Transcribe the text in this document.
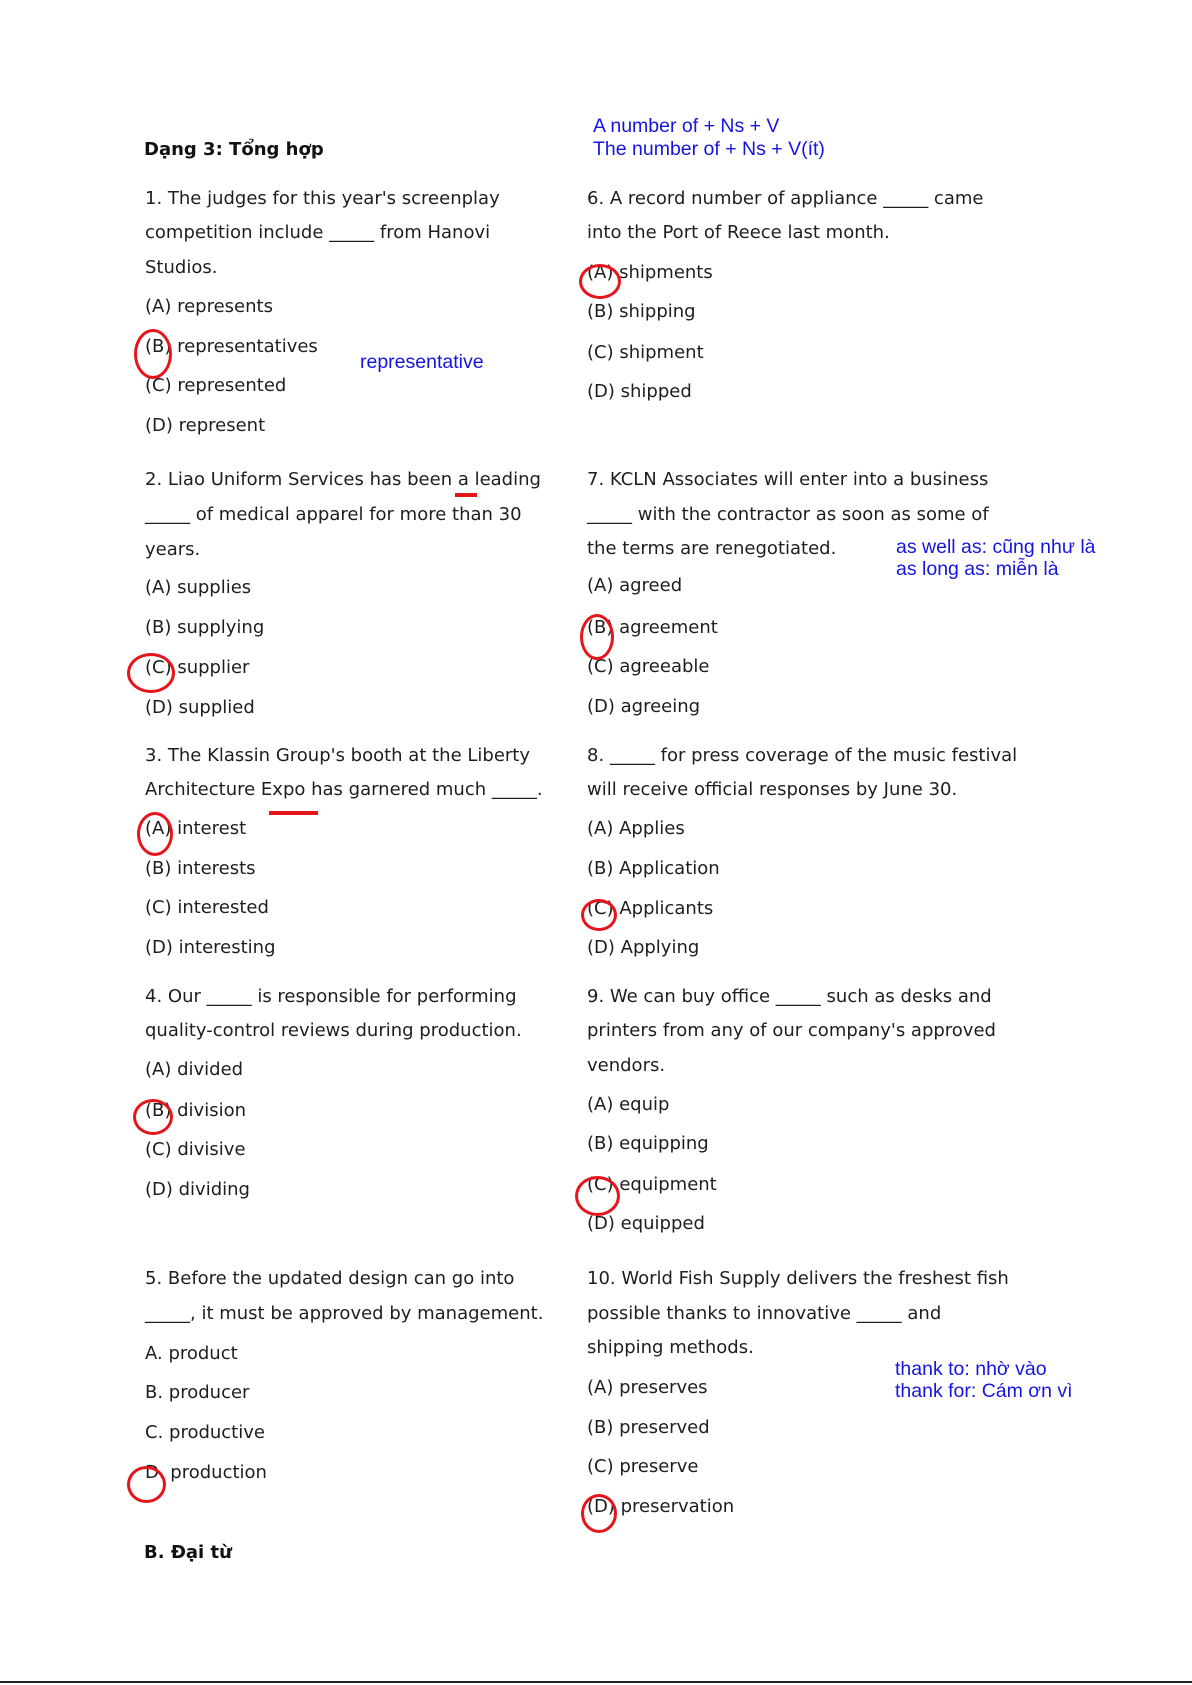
Dạng 3: Tổng hợp
A number of + Ns + V
The number of + Ns + V(ít)
1. The judges for this year's screenplay
competition include _____ from Hanovi
Studios.
(A) represents
(B) representatives
(C) represented
(D) represent
representative
2. Liao Uniform Services has been a leading
_____ of medical apparel for more than 30
years.
(A) supplies
(B) supplying
(C) supplier
(D) supplied
3. The Klassin Group's booth at the Liberty
Architecture Expo has garnered much _____.
(A) interest
(B) interests
(C) interested
(D) interesting
4. Our _____ is responsible for performing
quality-control reviews during production.
(A) divided
(B) division
(C) divisive
(D) dividing
5. Before the updated design can go into
_____, it must be approved by management.
A. product
B. producer
C. productive
D. production
B. Đại từ
6. A record number of appliance _____ came
into the Port of Reece last month.
(A) shipments
(B) shipping
(C) shipment
(D) shipped
7. KCLN Associates will enter into a business
_____ with the contractor as soon as some of
the terms are renegotiated.
(A) agreed
(B) agreement
(C) agreeable
(D) agreeing
as well as: cũng như là
as long as: miễn là
8. _____ for press coverage of the music festival
will receive official responses by June 30.
(A) Applies
(B) Application
(C) Applicants
(D) Applying
9. We can buy office _____ such as desks and
printers from any of our company's approved
vendors.
(A) equip
(B) equipping
(C) equipment
(D) equipped
10. World Fish Supply delivers the freshest fish
possible thanks to innovative _____ and
shipping methods.
(A) preserves
(B) preserved
(C) preserve
(D) preservation
thank to: nhờ vào
thank for: Cám ơn vì
